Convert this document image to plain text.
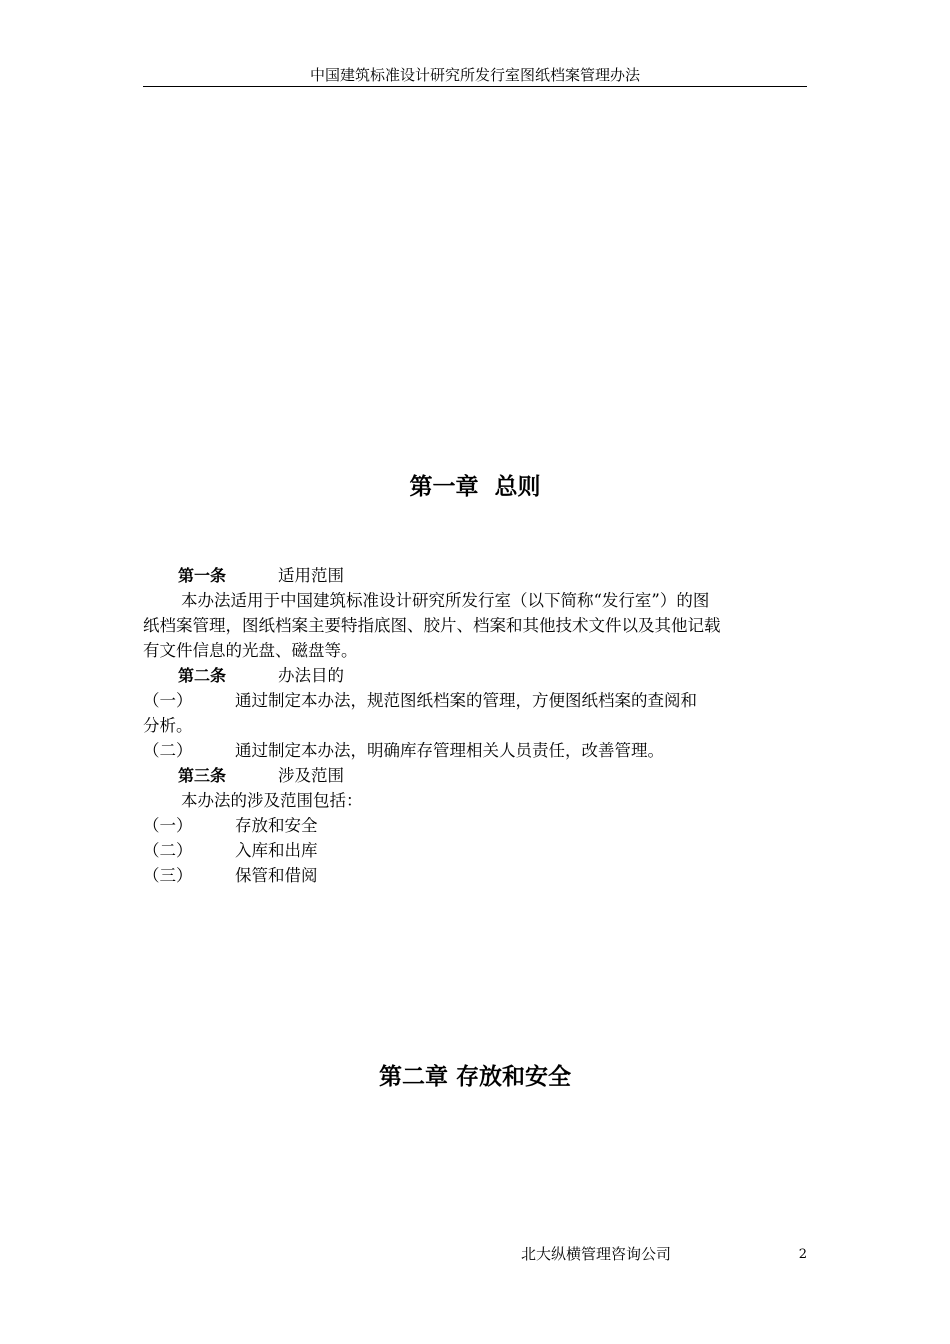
中国建筑标准设计研究所发行室图纸档案管理办法
第一章  总则
第一条	适用范围
本办法适用于中国建筑标准设计研究所发行室（以下简称“发行室”）的图
纸档案管理，图纸档案主要特指底图、胶片、档案和其他技术文件以及其他记载
有文件信息的光盘、磁盘等。
第二条	办法目的
（一）	通过制定本办法，规范图纸档案的管理，方便图纸档案的查阅和
分析。
（二）	通过制定本办法，明确库存管理相关人员责任，改善管理。
第三条	涉及范围
本办法的涉及范围包括：
（一）	存放和安全
（二）	入库和出库
（三）	保管和借阅
第二章 存放和安全
北大纵横管理咨询公司	2
